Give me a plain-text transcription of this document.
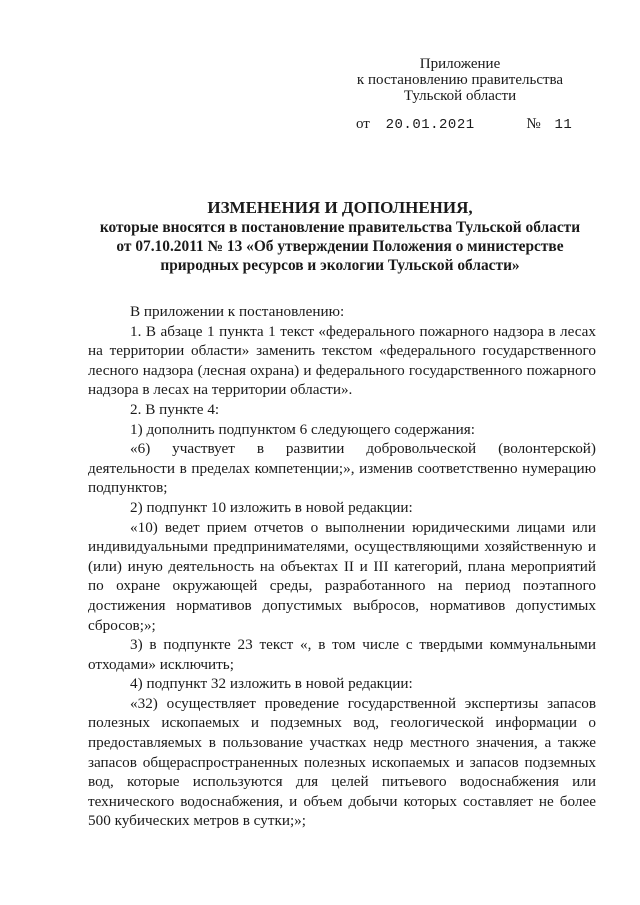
Приложение
к постановлению правительства
Тульской области
от 20.01.2021	№ 11
ИЗМЕНЕНИЯ И ДОПОЛНЕНИЯ,
которые вносятся в постановление правительства Тульской области
от 07.10.2011 № 13 «Об утверждении Положения о министерстве
природных ресурсов и экологии Тульской области»

В приложении к постановлению:

1. В абзаце 1 пункта 1 текст «федерального пожарного надзора в лесах на территории области» заменить текстом «федерального государственного лесного надзора (лесная охрана) и федерального государственного пожарного надзора в лесах на территории области».

2. В пункте 4:

1) дополнить подпунктом 6 следующего содержания:

«6) участвует в развитии добровольческой (волонтерской) деятельности в пределах компетенции;», изменив соответственно нумерацию подпунктов;

2) подпункт 10 изложить в новой редакции:

«10) ведет прием отчетов о выполнении юридическими лицами или индивидуальными предпринимателями, осуществляющими хозяйственную и (или) иную деятельность на объектах II и III категорий, плана мероприятий по охране окружающей среды, разработанного на период поэтапного достижения нормативов допустимых выбросов, нормативов допустимых сбросов;»;

3) в подпункте 23 текст «, в том числе с твердыми коммунальными отходами» исключить;

4) подпункт 32 изложить в новой редакции:

«32) осуществляет проведение государственной экспертизы запасов полезных ископаемых и подземных вод, геологической информации о предоставляемых в пользование участках недр местного значения, а также запасов общераспространенных полезных ископаемых и запасов подземных вод, которые используются для целей питьевого водоснабжения или технического водоснабжения, и объем добычи которых составляет не более 500 кубических метров в сутки;»;
